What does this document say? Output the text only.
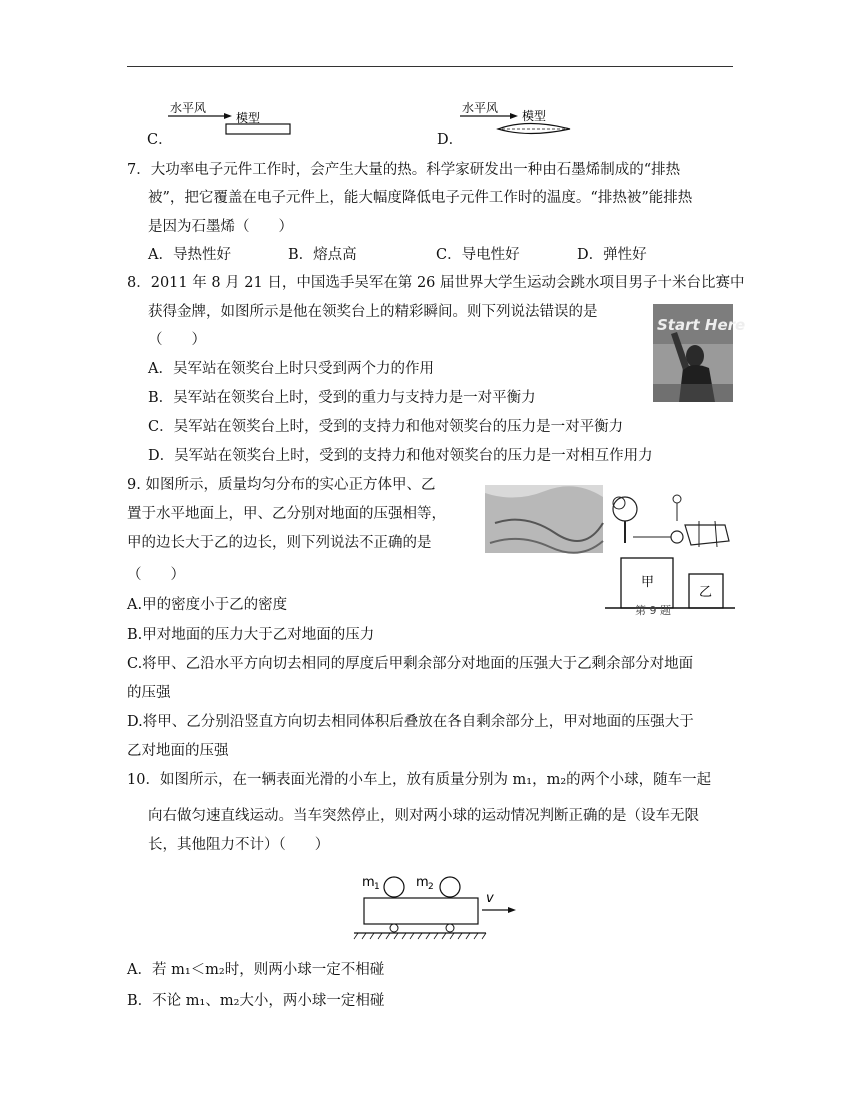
C．
水平风
模型
D．
水平风
模型
7．大功率电子元件工作时，会产生大量的热。科学家研发出一种由石墨烯制成的“排热
被”，把它覆盖在电子元件上，能大幅度降低电子元件工作时的温度。“排热被”能排热
是因为石墨烯（　　）
A．导热性好	B．熔点高	C．导电性好	D．弹性好
8．2011 年 8 月 21 日，中国选手吴军在第 26 届世界大学生运动会跳水项目男子十米台比赛中
获得金牌，如图所示是他在领奖台上的精彩瞬间。则下列说法错误的是
（　　）
Start Here
A．吴军站在领奖台上时只受到两个力的作用
B．吴军站在领奖台上时，受到的重力与支持力是一对平衡力
C．吴军站在领奖台上时，受到的支持力和他对领奖台的压力是一对平衡力
D．吴军站在领奖台上时，受到的支持力和他对领奖台的压力是一对相互作用力
9. 如图所示，质量均匀分布的实心正方体甲、乙
置于水平地面上，甲、乙分别对地面的压强相等，
甲的边长大于乙的边长，则下列说法不正确的是
（　　）	甲
乙
第 9 题
A.甲的密度小于乙的密度
B.甲对地面的压力大于乙对地面的压力
C.将甲、乙沿水平方向切去相同的厚度后甲剩余部分对地面的压强大于乙剩余部分对地面
的压强
D.将甲、乙分别沿竖直方向切去相同体积后叠放在各自剩余部分上，甲对地面的压强大于
乙对地面的压强
10．如图所示，在一辆表面光滑的小车上，放有质量分别为 m₁，m₂的两个小球，随车一起
向右做匀速直线运动。当车突然停止，则对两小球的运动情况判断正确的是（设车无限
长，其他阻力不计）（　　）
m 1	m 2
v
A．若 m₁＜m₂时，则两小球一定不相碰
B．不论 m₁、m₂大小，两小球一定相碰
